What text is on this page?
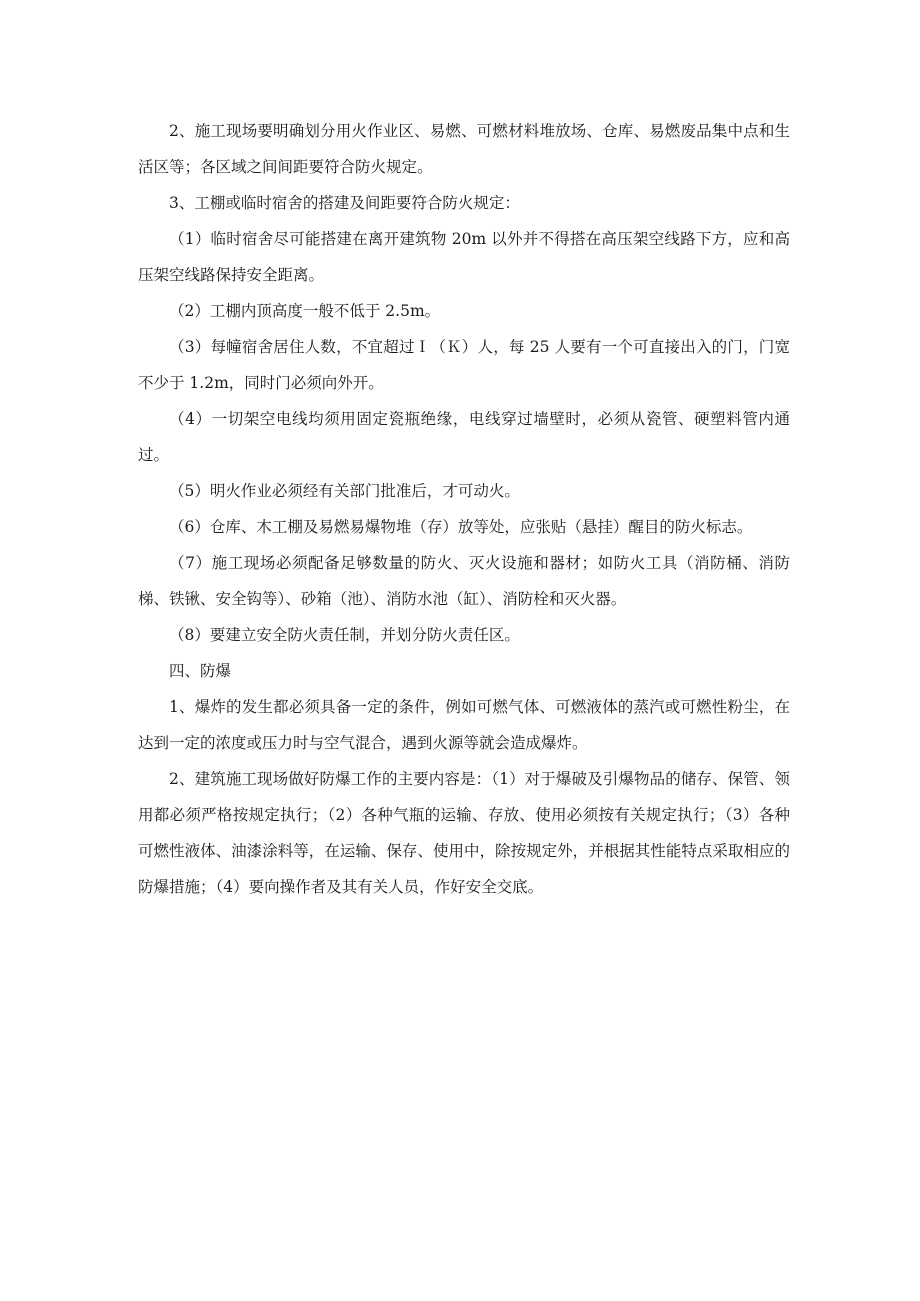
2、施工现场要明确划分用火作业区、易燃、可燃材料堆放场、仓库、易燃废品集中点和生活区等；各区域之间间距要符合防火规定。

3、工棚或临时宿舍的搭建及间距要符合防火规定：

（1）临时宿舍尽可能搭建在离开建筑物 20m 以外并不得搭在高压架空线路下方，应和高压架空线路保持安全距离。

（2）工棚内顶高度一般不低于 2.5m。

（3）每幢宿舍居住人数，不宜超过Ｉ（Ｋ）人，每 25 人要有一个可直接出入的门，门宽不少于 1.2m，同时门必须向外开。

（4）一切架空电线均须用固定瓷瓶绝缘，电线穿过墙壁时，必须从瓷管、硬塑料管内通过。

（5）明火作业必须经有关部门批准后，才可动火。

（6）仓库、木工棚及易燃易爆物堆（存）放等处，应张贴（悬挂）醒目的防火标志。

（7）施工现场必须配备足够数量的防火、灭火设施和器材；如防火工具（消防桶、消防梯、铁锹、安全钩等）、砂箱（池）、消防水池（缸）、消防栓和灭火器。

（8）要建立安全防火责任制，并划分防火责任区。

四、防爆

1、爆炸的发生都必须具备一定的条件，例如可燃气体、可燃液体的蒸汽或可燃性粉尘，在达到一定的浓度或压力时与空气混合，遇到火源等就会造成爆炸。

2、建筑施工现场做好防爆工作的主要内容是：（1）对于爆破及引爆物品的储存、保管、领用都必须严格按规定执行；（2）各种气瓶的运输、存放、使用必须按有关规定执行；（3）各种可燃性液体、油漆涂料等，在运输、保存、使用中，除按规定外，并根据其性能特点采取相应的防爆措施；（4）要向操作者及其有关人员，作好安全交底。
